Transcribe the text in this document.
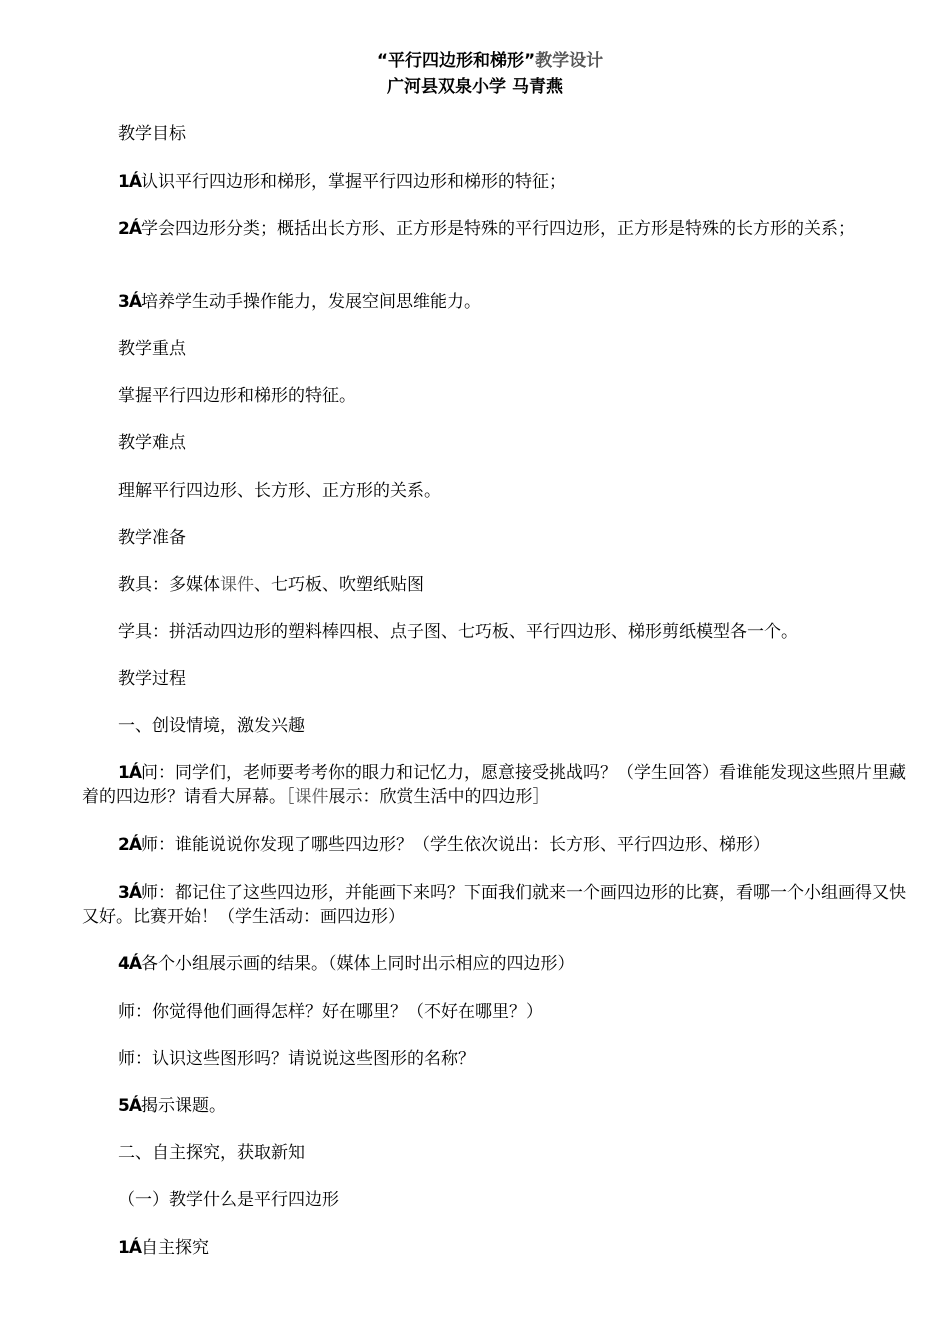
“平行四边形和梯形”教学设计
广河县双泉小学 马青燕
教学目标
1Á认识平行四边形和梯形，掌握平行四边形和梯形的特征；
2Á学会四边形分类；概括出长方形、正方形是特殊的平行四边形，正方形是特殊的长方形的关系；
3Á培养学生动手操作能力，发展空间思维能力。
教学重点
掌握平行四边形和梯形的特征。
教学难点
理解平行四边形、长方形、正方形的关系。
教学准备
教具：多媒体课件、七巧板、吹塑纸贴图
学具：拼活动四边形的塑料棒四根、点子图、七巧板、平行四边形、梯形剪纸模型各一个。
教学过程
一、创设情境，激发兴趣
1Á问：同学们，老师要考考你的眼力和记忆力，愿意接受挑战吗？（学生回答）看谁能发现这些照片里藏着的四边形？请看大屏幕。［课件展示：欣赏生活中的四边形］
2Á师：谁能说说你发现了哪些四边形？（学生依次说出：长方形、平行四边形、梯形）
3Á师：都记住了这些四边形，并能画下来吗？下面我们就来一个画四边形的比赛，看哪一个小组画得又快又好。比赛开始！（学生活动：画四边形）
4Á各个小组展示画的结果。（媒体上同时出示相应的四边形）
师：你觉得他们画得怎样？好在哪里？（不好在哪里？）
师：认识这些图形吗？请说说这些图形的名称？
5Á揭示课题。
二、自主探究，获取新知
（一）教学什么是平行四边形
1Á自主探究
